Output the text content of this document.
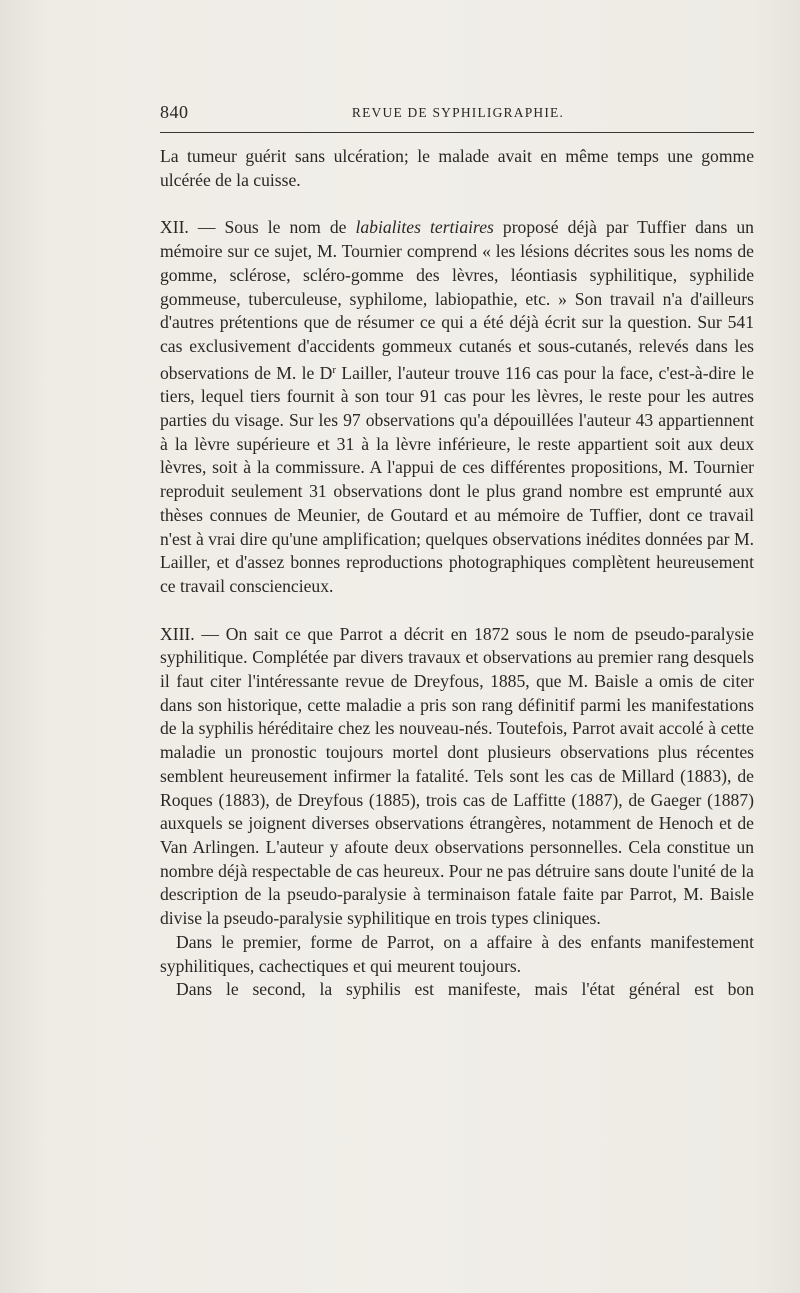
840	REVUE DE SYPHILIGRAPHIE.

La tumeur guérit sans ulcération; le malade avait en même temps une gomme ulcérée de la cuisse.

XII. — Sous le nom de labialites tertiaires proposé déjà par Tuffier dans un mémoire sur ce sujet, M. Tournier comprend « les lésions décrites sous les noms de gomme, sclérose, scléro-gomme des lèvres, léontiasis syphilitique, syphilide gommeuse, tuberculeuse, syphilome, labiopathie, etc. » Son travail n'a d'ailleurs d'autres prétentions que de résumer ce qui a été déjà écrit sur la question. Sur 541 cas exclusivement d'accidents gommeux cutanés et sous-cutanés, relevés dans les observations de M. le $D^r$ Lailler, l'auteur trouve 116 cas pour la face, c'est-à-dire le tiers, lequel tiers fournit à son tour 91 cas pour les lèvres, le reste pour les autres parties du visage. Sur les 97 observations qu'a dépouillées l'auteur 43 appartiennent à la lèvre supérieure et 31 à la lèvre inférieure, le reste appartient soit aux deux lèvres, soit à la commissure. A l'appui de ces différentes propositions, M. Tournier reproduit seulement 31 observations dont le plus grand nombre est emprunté aux thèses connues de Meunier, de Goutard et au mémoire de Tuffier, dont ce travail n'est à vrai dire qu'une amplification; quelques observations inédites données par M. Lailler, et d'assez bonnes reproductions photographiques complètent heureusement ce travail consciencieux.

XIII. — On sait ce que Parrot a décrit en 1872 sous le nom de pseudo-paralysie syphilitique. Complétée par divers travaux et observations au premier rang desquels il faut citer l'intéressante revue de Dreyfous, 1885, que M. Baisle a omis de citer dans son historique, cette maladie a pris son rang définitif parmi les manifestations de la syphilis héréditaire chez les nouveau-nés. Toutefois, Parrot avait accolé à cette maladie un pronostic toujours mortel dont plusieurs observations plus récentes semblent heureusement infirmer la fatalité. Tels sont les cas de Millard (1883), de Roques (1883), de Dreyfous (1885), trois cas de Laffitte (1887), de Gaeger (1887) auxquels se joignent diverses observations étrangères, notamment de Henoch et de Van Arlingen. L'auteur y afoute deux observations personnelles. Cela constitue un nombre déjà respectable de cas heureux. Pour ne pas détruire sans doute l'unité de la description de la pseudo-paralysie à terminaison fatale faite par Parrot, M. Baisle divise la pseudo-paralysie syphilitique en trois types cliniques.

Dans le premier, forme de Parrot, on a affaire à des enfants manifestement syphilitiques, cachectiques et qui meurent toujours.

Dans le second, la syphilis est manifeste, mais l'état général est bon
